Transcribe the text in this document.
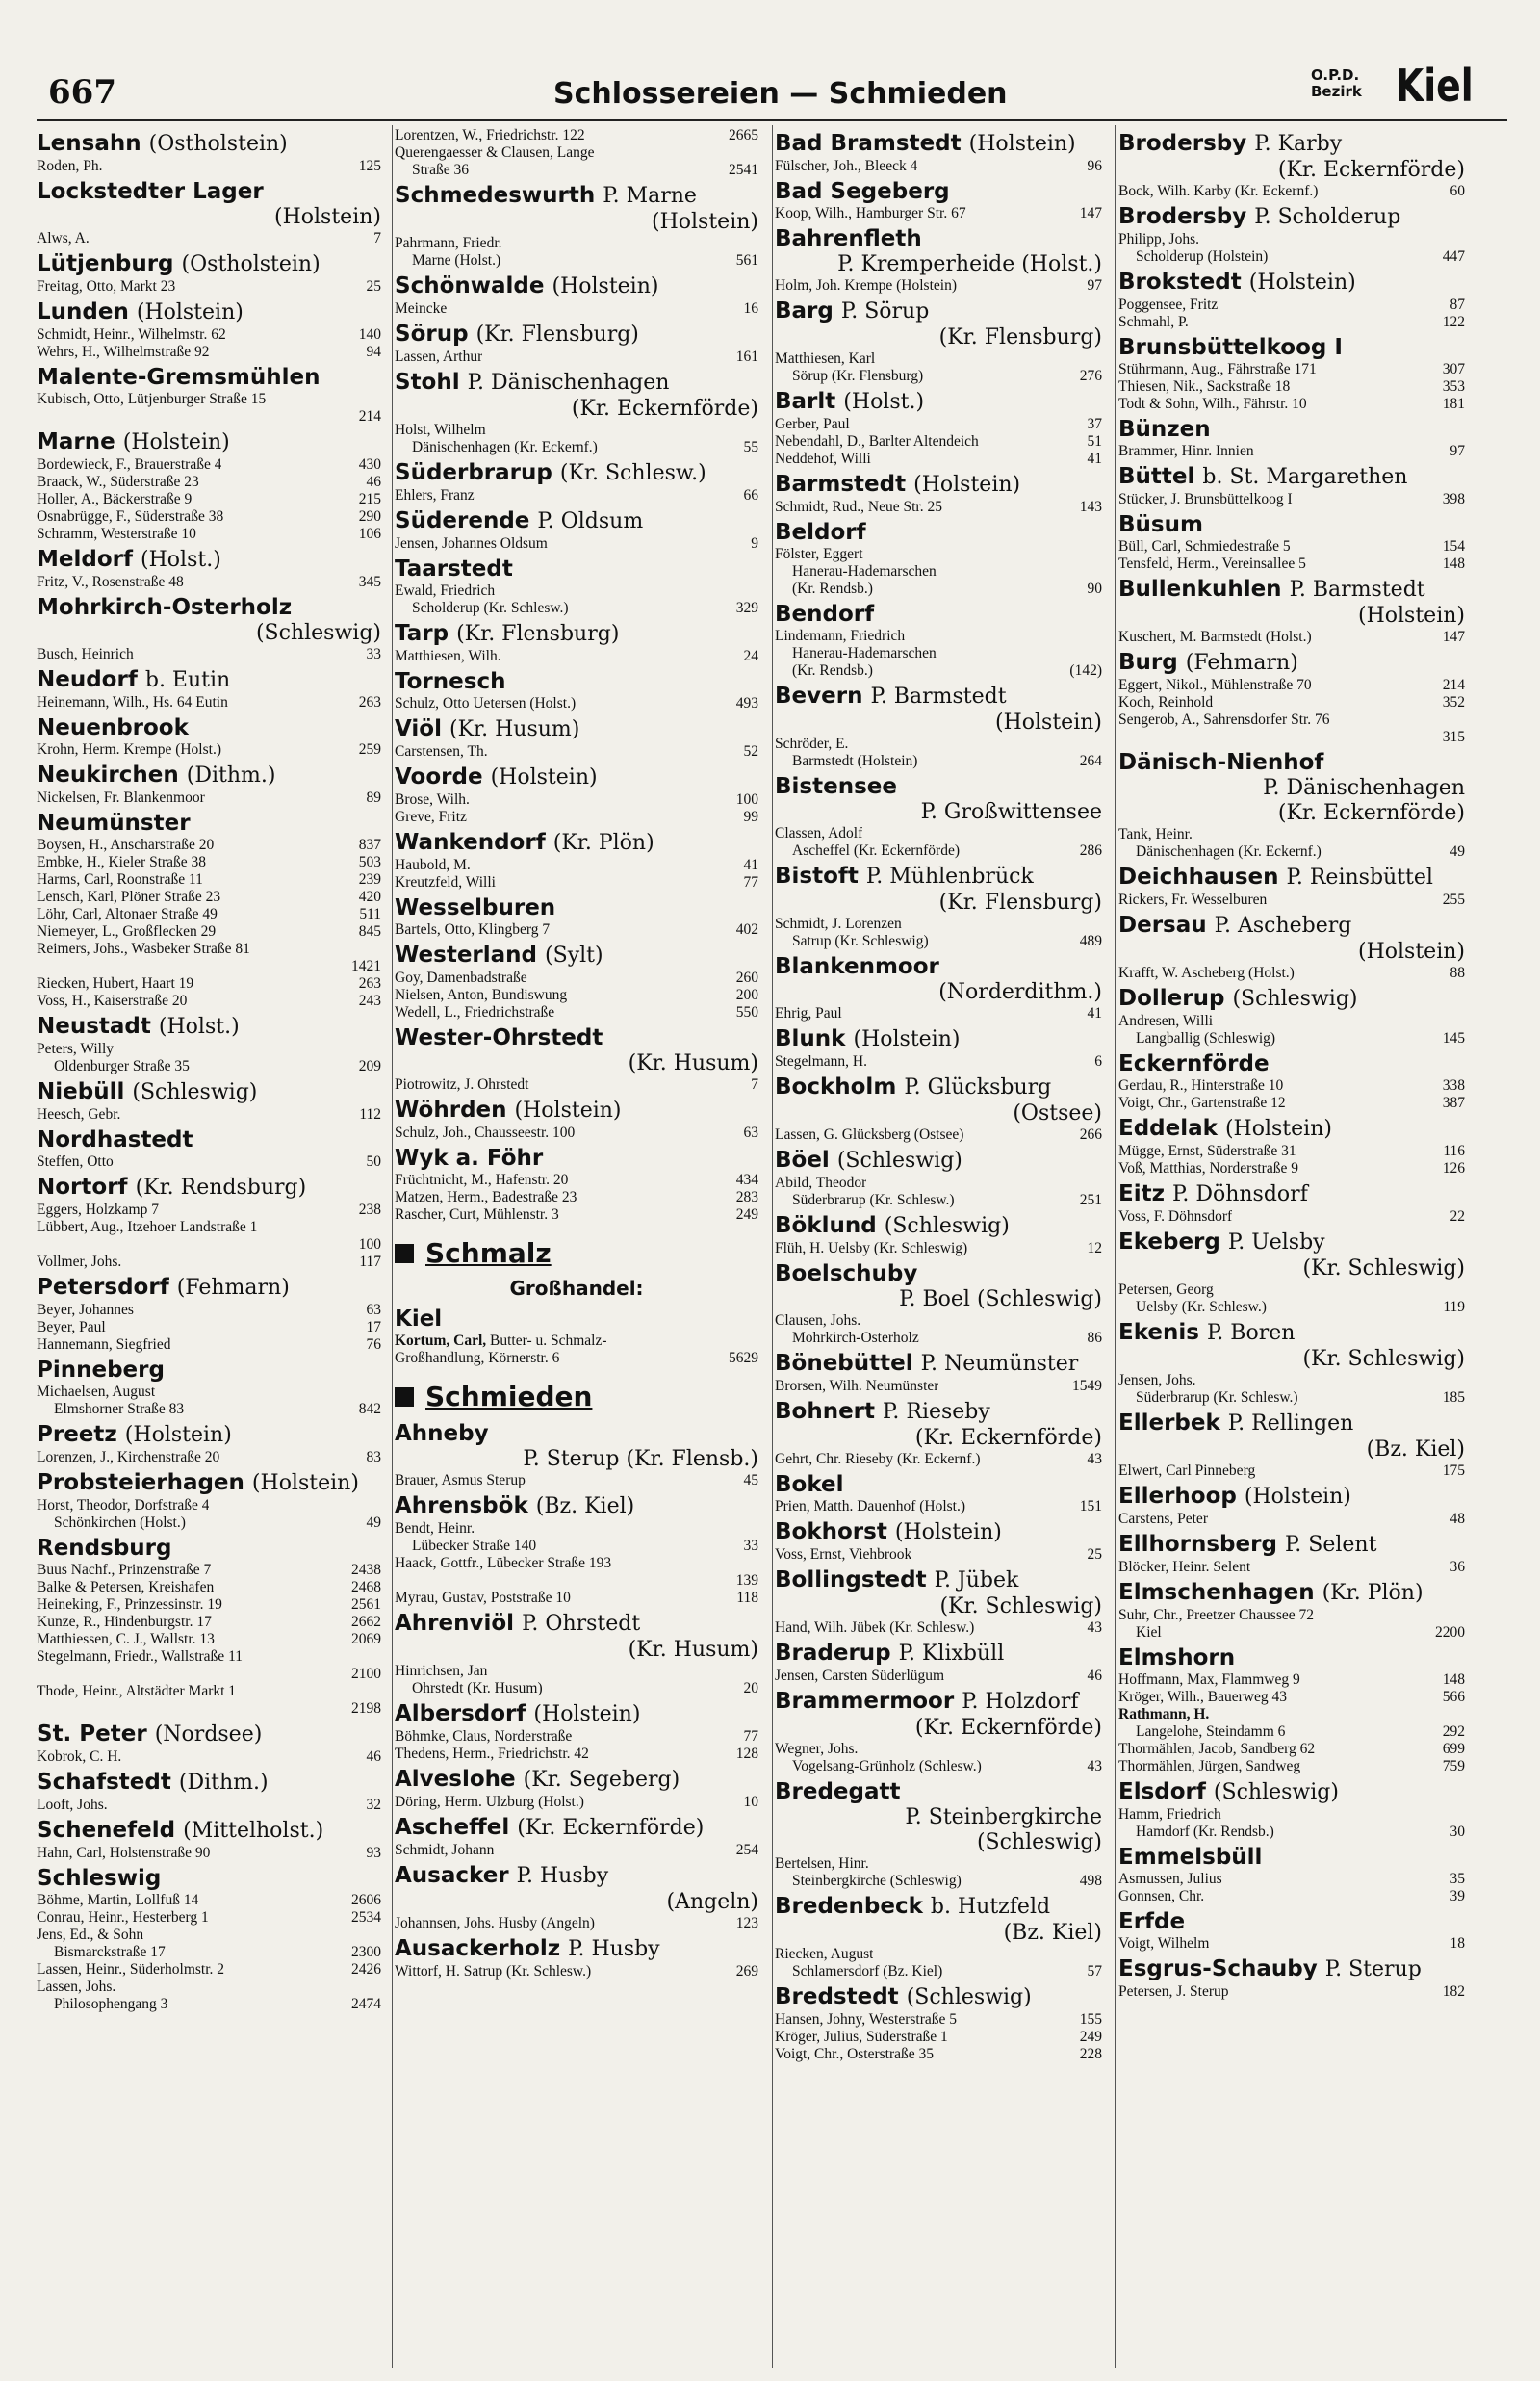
667	Schlossereien — Schmieden
O.P.D.
Bezirk Kiel
Lensahn (Ostholstein)
Roden, Ph.	125
Lockstedter Lager
(Holstein)
Alws, A.	7
Lütjenburg (Ostholstein)
Freitag, Otto, Markt 23	25
Lunden (Holstein)
Schmidt, Heinr., Wilhelmstr. 62	140
Wehrs, H., Wilhelmstraße 92	94
Malente-Gremsmühlen
Kubisch, Otto, Lütjenburger Straße 15
214
Marne (Holstein)
Bordewieck, F., Brauerstraße 4	430
Braack, W., Süderstraße 23	46
Holler, A., Bäckerstraße 9	215
Osnabrügge, F., Süderstraße 38	290
Schramm, Westerstraße 10	106
Meldorf (Holst.)
Fritz, V., Rosenstraße 48	345
Mohrkirch-Osterholz
(Schleswig)
Busch, Heinrich	33
Neudorf b. Eutin
Heinemann, Wilh., Hs. 64 Eutin	263
Neuenbrook
Krohn, Herm. Krempe (Holst.)	259
Neukirchen (Dithm.)
Nickelsen, Fr. Blankenmoor	89
Neumünster
Boysen, H., Anscharstraße 20	837
Embke, H., Kieler Straße 38	503
Harms, Carl, Roonstraße 11	239
Lensch, Karl, Plöner Straße 23	420
Löhr, Carl, Altonaer Straße 49	511
Niemeyer, L., Großflecken 29	845
Reimers, Johs., Wasbeker Straße 81
1421
Riecken, Hubert, Haart 19	263
Voss, H., Kaiserstraße 20	243
Neustadt (Holst.)
Peters, Willy
Oldenburger Straße 35	209
Niebüll (Schleswig)
Heesch, Gebr.	112
Nordhastedt
Steffen, Otto	50
Nortorf (Kr. Rendsburg)
Eggers, Holzkamp 7	238
Lübbert, Aug., Itzehoer Landstraße 1
100
Vollmer, Johs.	117
Petersdorf (Fehmarn)
Beyer, Johannes	63
Beyer, Paul	17
Hannemann, Siegfried	76
Pinneberg
Michaelsen, August
Elmshorner Straße 83	842
Preetz (Holstein)
Lorenzen, J., Kirchenstraße 20	83
Probsteierhagen (Holstein)
Horst, Theodor, Dorfstraße 4
Schönkirchen (Holst.)	49
Rendsburg
Buus Nachf., Prinzenstraße 7	2438
Balke & Petersen, Kreishafen	2468
Heineking, F., Prinzessinstr. 19	2561
Kunze, R., Hindenburgstr. 17	2662
Matthiessen, C. J., Wallstr. 13	2069
Stegelmann, Friedr., Wallstraße 11
2100
Thode, Heinr., Altstädter Markt 1
2198
St. Peter (Nordsee)
Kobrok, C. H.	46
Schafstedt (Dithm.)
Looft, Johs.	32
Schenefeld (Mittelholst.)
Hahn, Carl, Holstenstraße 90	93
Schleswig
Böhme, Martin, Lollfuß 14	2606
Conrau, Heinr., Hesterberg 1	2534
Jens, Ed., & Sohn
Bismarckstraße 17	2300
Lassen, Heinr., Süderholmstr. 2	2426
Lassen, Johs.
Philosophengang 3	2474
Lorentzen, W., Friedrichstr. 122	2665
Querengaesser & Clausen, Lange
Straße 36	2541
Schmedeswurth P. Marne
(Holstein)
Pahrmann, Friedr.
Marne (Holst.)	561
Schönwalde (Holstein)
Meincke	16
Sörup (Kr. Flensburg)
Lassen, Arthur	161
Stohl P. Dänischenhagen
(Kr. Eckernförde)
Holst, Wilhelm
Dänischenhagen (Kr. Eckernf.)	55
Süderbrarup (Kr. Schlesw.)
Ehlers, Franz	66
Süderende P. Oldsum
Jensen, Johannes Oldsum	9
Taarstedt
Ewald, Friedrich
Scholderup (Kr. Schlesw.)	329
Tarp (Kr. Flensburg)
Matthiesen, Wilh.	24
Tornesch
Schulz, Otto Uetersen (Holst.)	493
Viöl (Kr. Husum)
Carstensen, Th.	52
Voorde (Holstein)
Brose, Wilh.	100
Greve, Fritz	99
Wankendorf (Kr. Plön)
Haubold, M.	41
Kreutzfeld, Willi	77
Wesselburen
Bartels, Otto, Klingberg 7	402
Westerland (Sylt)
Goy, Damenbadstraße	260
Nielsen, Anton, Bundiswung	200
Wedell, L., Friedrichstraße	550
Wester-Ohrstedt
(Kr. Husum)
Piotrowitz, J. Ohrstedt	7
Wöhrden (Holstein)
Schulz, Joh., Chausseestr. 100	63
Wyk a. Föhr
Früchtnicht, M., Hafenstr. 20	434
Matzen, Herm., Badestraße 23	283
Rascher, Curt, Mühlenstr. 3	249
Schmalz
Großhandel:
Kiel
Kortum, Carl, Butter- u. Schmalz-
Großhandlung, Körnerstr. 6	5629
Schmieden
Ahneby
P. Sterup (Kr. Flensb.)
Brauer, Asmus Sterup	45
Ahrensbök (Bz. Kiel)
Bendt, Heinr.
Lübecker Straße 140	33
Haack, Gottfr., Lübecker Straße 193
139
Myrau, Gustav, Poststraße 10	118
Ahrenviöl P. Ohrstedt
(Kr. Husum)
Hinrichsen, Jan
Ohrstedt (Kr. Husum)	20
Albersdorf (Holstein)
Böhmke, Claus, Norderstraße	77
Thedens, Herm., Friedrichstr. 42	128
Alveslohe (Kr. Segeberg)
Döring, Herm. Ulzburg (Holst.)	10
Ascheffel (Kr. Eckernförde)
Schmidt, Johann	254
Ausacker P. Husby
(Angeln)
Johannsen, Johs. Husby (Angeln)	123
Ausackerholz P. Husby
Wittorf, H. Satrup (Kr. Schlesw.)	269
Bad Bramstedt (Holstein)
Fülscher, Joh., Bleeck 4	96
Bad Segeberg
Koop, Wilh., Hamburger Str. 67	147
Bahrenfleth
P. Kremperheide (Holst.)
Holm, Joh. Krempe (Holstein)	97
Barg P. Sörup
(Kr. Flensburg)
Matthiesen, Karl
Sörup (Kr. Flensburg)	276
Barlt (Holst.)
Gerber, Paul	37
Nebendahl, D., Barlter Altendeich	51
Neddehof, Willi	41
Barmstedt (Holstein)
Schmidt, Rud., Neue Str. 25	143
Beldorf
Fölster, Eggert
Hanerau-Hademarschen
(Kr. Rendsb.)	90
Bendorf
Lindemann, Friedrich
Hanerau-Hademarschen
(Kr. Rendsb.)	(142)
Bevern P. Barmstedt
(Holstein)
Schröder, E.
Barmstedt (Holstein)	264
Bistensee
P. Großwittensee
Classen, Adolf
Ascheffel (Kr. Eckernförde)	286
Bistoft P. Mühlenbrück
(Kr. Flensburg)
Schmidt, J. Lorenzen
Satrup (Kr. Schleswig)	489
Blankenmoor
(Norderdithm.)
Ehrig, Paul	41
Blunk (Holstein)
Stegelmann, H.	6
Bockholm P. Glücksburg
(Ostsee)
Lassen, G. Glücksberg (Ostsee)	266
Böel (Schleswig)
Abild, Theodor
Süderbrarup (Kr. Schlesw.)	251
Böklund (Schleswig)
Flüh, H. Uelsby (Kr. Schleswig)	12
Boelschuby
P. Boel (Schleswig)
Clausen, Johs.
Mohrkirch-Osterholz	86
Bönebüttel P. Neumünster
Brorsen, Wilh. Neumünster	1549
Bohnert P. Rieseby
(Kr. Eckernförde)
Gehrt, Chr. Rieseby (Kr. Eckernf.)	43
Bokel
Prien, Matth. Dauenhof (Holst.)	151
Bokhorst (Holstein)
Voss, Ernst, Viehbrook	25
Bollingstedt P. Jübek
(Kr. Schleswig)
Hand, Wilh. Jübek (Kr. Schlesw.)	43
Braderup P. Klixbüll
Jensen, Carsten Süderlügum	46
Brammermoor P. Holzdorf
(Kr. Eckernförde)
Wegner, Johs.
Vogelsang-Grünholz (Schlesw.)	43
Bredegatt
P. Steinbergkirche
(Schleswig)
Bertelsen, Hinr.
Steinbergkirche (Schleswig)	498
Bredenbeck b. Hutzfeld
(Bz. Kiel)
Riecken, August
Schlamersdorf (Bz. Kiel)	57
Bredstedt (Schleswig)
Hansen, Johny, Westerstraße 5	155
Kröger, Julius, Süderstraße 1	249
Voigt, Chr., Osterstraße 35	228
Brodersby P. Karby
(Kr. Eckernförde)
Bock, Wilh. Karby (Kr. Eckernf.)	60
Brodersby P. Scholderup
Philipp, Johs.
Scholderup (Holstein)	447
Brokstedt (Holstein)
Poggensee, Fritz	87
Schmahl, P.	122
Brunsbüttelkoog I
Stührmann, Aug., Fährstraße 171	307
Thiesen, Nik., Sackstraße 18	353
Todt & Sohn, Wilh., Fährstr. 10	181
Bünzen
Brammer, Hinr. Innien	97
Büttel b. St. Margarethen
Stücker, J. Brunsbüttelkoog I	398
Büsum
Büll, Carl, Schmiedestraße 5	154
Tensfeld, Herm., Vereinsallee 5	148
Bullenkuhlen P. Barmstedt
(Holstein)
Kuschert, M. Barmstedt (Holst.)	147
Burg (Fehmarn)
Eggert, Nikol., Mühlenstraße 70	214
Koch, Reinhold	352
Sengerob, A., Sahrensdorfer Str. 76
315
Dänisch-Nienhof
P. Dänischenhagen
(Kr. Eckernförde)
Tank, Heinr.
Dänischenhagen (Kr. Eckernf.)	49
Deichhausen P. Reinsbüttel
Rickers, Fr. Wesselburen	255
Dersau P. Ascheberg
(Holstein)
Krafft, W. Ascheberg (Holst.)	88
Dollerup (Schleswig)
Andresen, Willi
Langballig (Schleswig)	145
Eckernförde
Gerdau, R., Hinterstraße 10	338
Voigt, Chr., Gartenstraße 12	387
Eddelak (Holstein)
Mügge, Ernst, Süderstraße 31	116
Voß, Matthias, Norderstraße 9	126
Eitz P. Döhnsdorf
Voss, F. Döhnsdorf	22
Ekeberg P. Uelsby
(Kr. Schleswig)
Petersen, Georg
Uelsby (Kr. Schlesw.)	119
Ekenis P. Boren
(Kr. Schleswig)
Jensen, Johs.
Süderbrarup (Kr. Schlesw.)	185
Ellerbek P. Rellingen
(Bz. Kiel)
Elwert, Carl Pinneberg	175
Ellerhoop (Holstein)
Carstens, Peter	48
Ellhornsberg P. Selent
Blöcker, Heinr. Selent	36
Elmschenhagen (Kr. Plön)
Suhr, Chr., Preetzer Chaussee 72
Kiel	2200
Elmshorn
Hoffmann, Max, Flammweg 9	148
Kröger, Wilh., Bauerweg 43	566
Rathmann, H.
Langelohe, Steindamm 6	292
Thormählen, Jacob, Sandberg 62	699
Thormählen, Jürgen, Sandweg	759
Elsdorf (Schleswig)
Hamm, Friedrich
Hamdorf (Kr. Rendsb.)	30
Emmelsbüll
Asmussen, Julius	35
Gonnsen, Chr.	39
Erfde
Voigt, Wilhelm	18
Esgrus-Schauby P. Sterup
Petersen, J. Sterup	182
